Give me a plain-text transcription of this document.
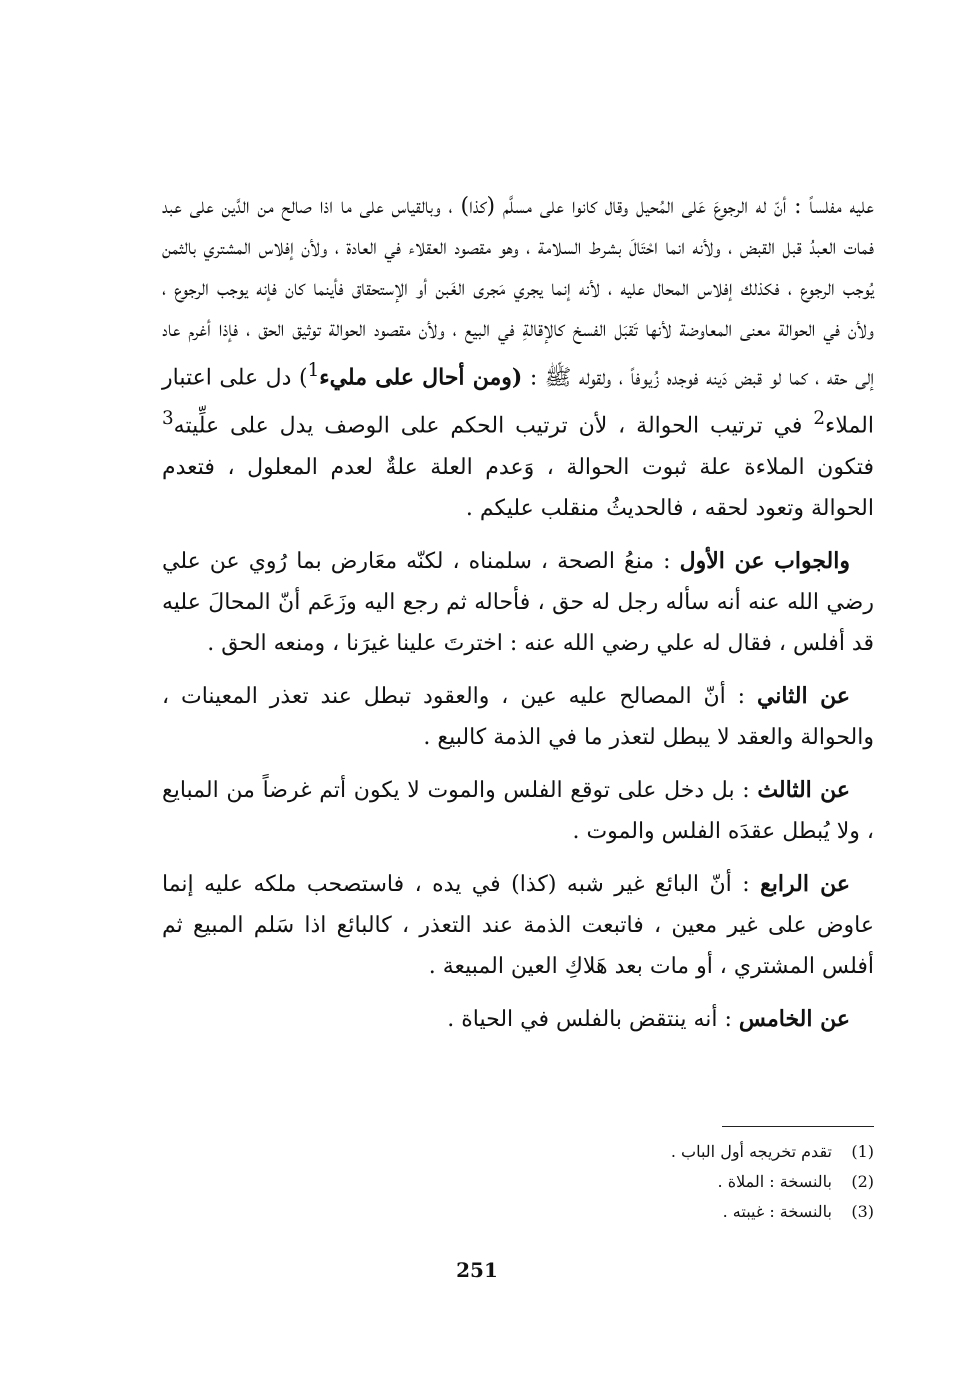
عليه مفلساً : أنّ له الرجوعَ عَلى المُحيل وقال كانوا على مسلَّم (كذا) ، وبالقياس على ما اذا صالح من الدَّين على عبد فمات العبدُ قبل القبض ، ولأنه انما احْتَالَ بشرط السلامة ، وهو مقصود العقلاء في العادة ، ولأن إفلاس المشتري بالثمن يُوجب الرجوع ، فكذلك إفلاس المحال عليه ، لأنه إنما يجري مَجرى الغَبن أو الإستحقاق فأينما كان فإنه يوجب الرجوع ، ولأن في الحوالة معنى المعاوضة لأنها تَقبَل الفسخ كالإقالةِ في البيع ، ولأن مقصود الحوالة توثيق الحق ، فإذا أغرم عاد إلى حقه ، كما لو قبض دَينه فوجده زُيوفاً ، ولقوله ﷺ : (ومن أحال على مليء$^1$) دل على اعتبار الملاء$^2$ في ترتيب الحوالة ، لأن ترتيب الحكم على الوصف يدل على علِّيته$^3$ فتكون الملاءة علة ثبوت الحوالة ، وَعدم العلة علةٌ لعدم المعلول ، فتعدم الحوالة وتعود لحقه ، فالحديثُ منقلب عليكم .

والجواب عن الأول : منعُ الصحة ، سلمناه ، لكنّه معَارض بما رُوي عن علي رضي الله عنه أنه سأله رجل له حق ، فأحاله ثم رجع اليه وزَعَم أنّ المحالَ عليه قد أفلس ، فقال له علي رضي الله عنه : اخترتَ علينا غيرَنا ، ومنعه الحق .

عن الثاني : أنّ المصالح عليه عين ، والعقود تبطل عند تعذر المعينات ، والحوالة والعقد لا يبطل لتعذر ما في الذمة كالبيع .

عن الثالث : بل دخل على توقع الفلس والموت لا يكون أتم غرضاً من المبايع ، ولا يُبطل عقدَه الفلس والموت .

عن الرابع : أنّ البائع غير شبه (كذا) في يده ، فاستصحب ملكه عليه إنما عاوض على غير معين ، فاتبعت الذمة عند التعذر ، كالبائع اذا سَلم المبيع ثم أفلس المشتري ، أو مات بعد هَلاكِ العين المبيعة .

عن الخامس : أنه ينتقض بالفلس في الحياة .

(1)
تقدم تخريجه أول الباب .
(2)
بالنسخة : الملاة .
(3)
بالنسخة : غيبته .
251
